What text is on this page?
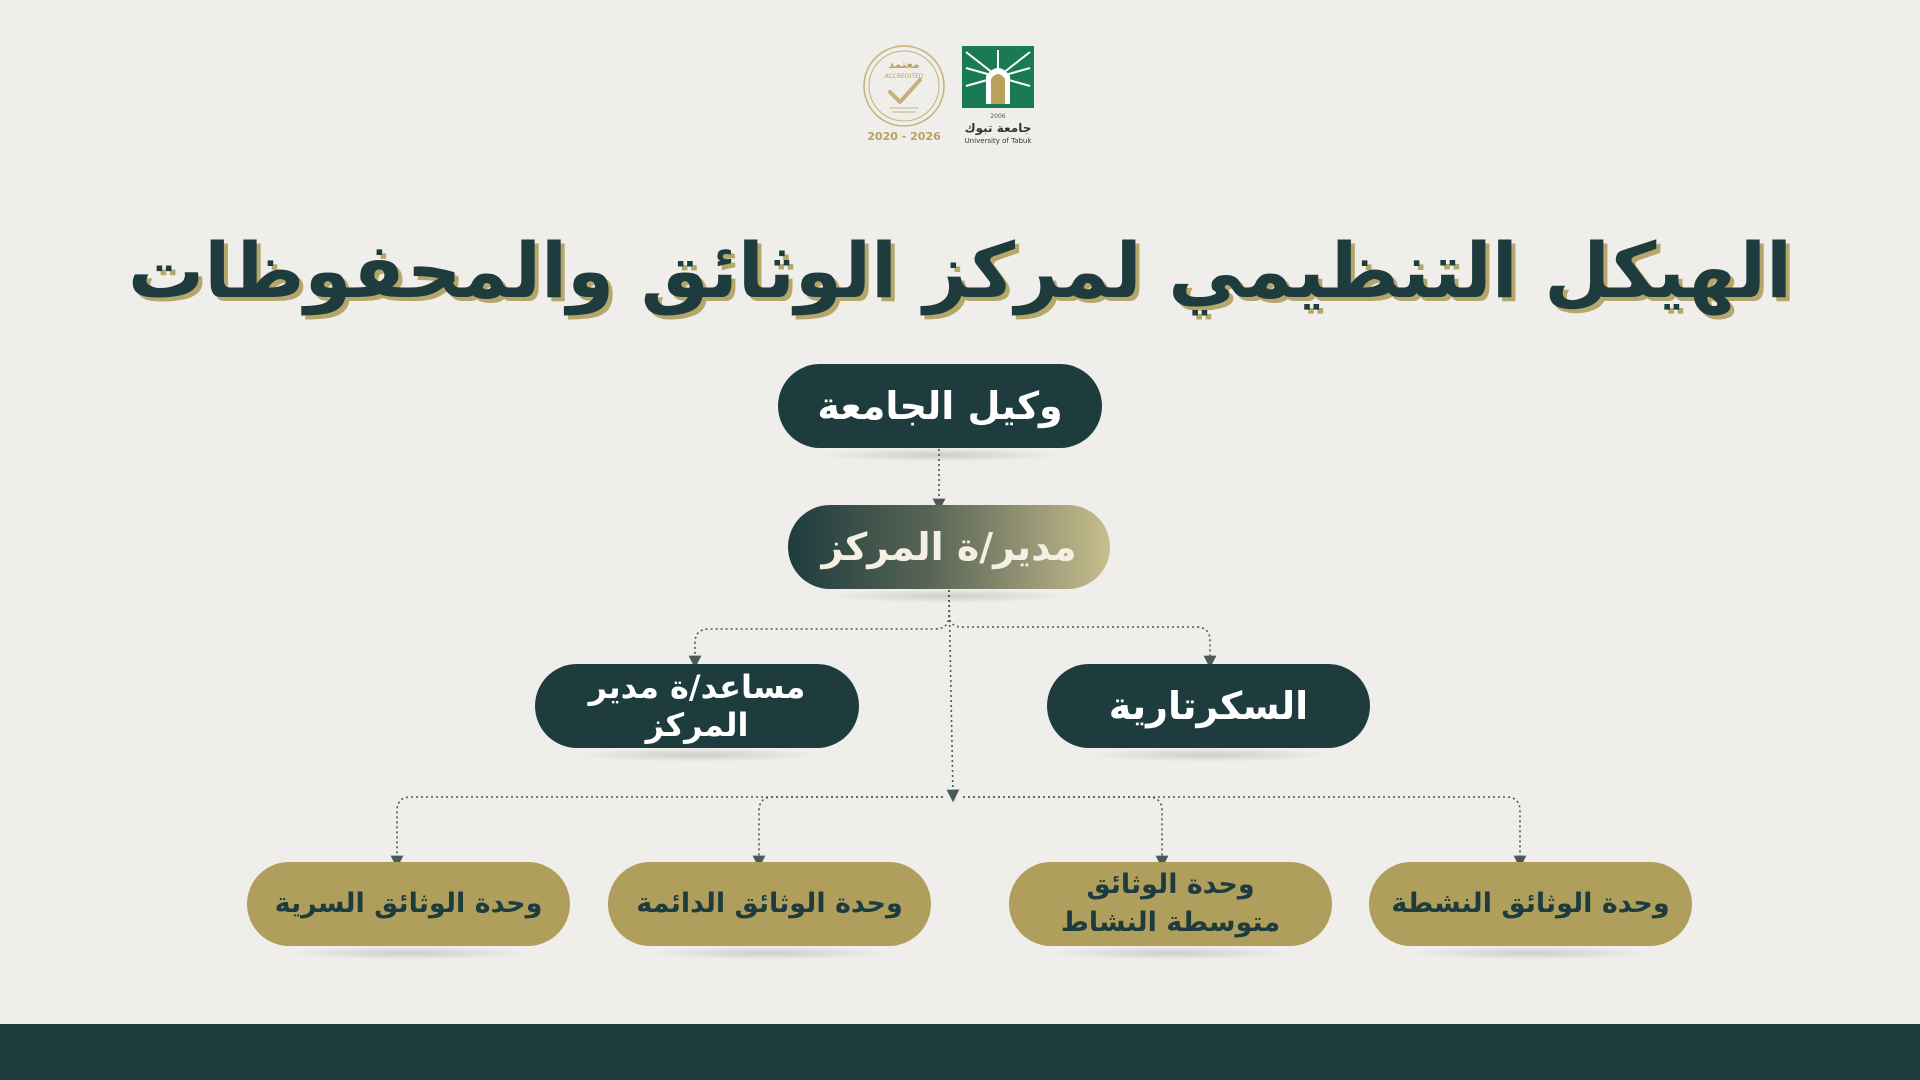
معتمد
ACCREDITED
2020 - 2026
2006
جامعة تبوك
University of Tabuk
الهيكل التنظيمي لمركز الوثائق والمحفوظات
وكيل الجامعة
مدير/ة المركز
مساعد/ة مدير المركز	السكرتارية
وحدة الوثائق السرية	وحدة الوثائق الدائمة
وحدة الوثائق متوسطة النشاط
وحدة الوثائق النشطة
